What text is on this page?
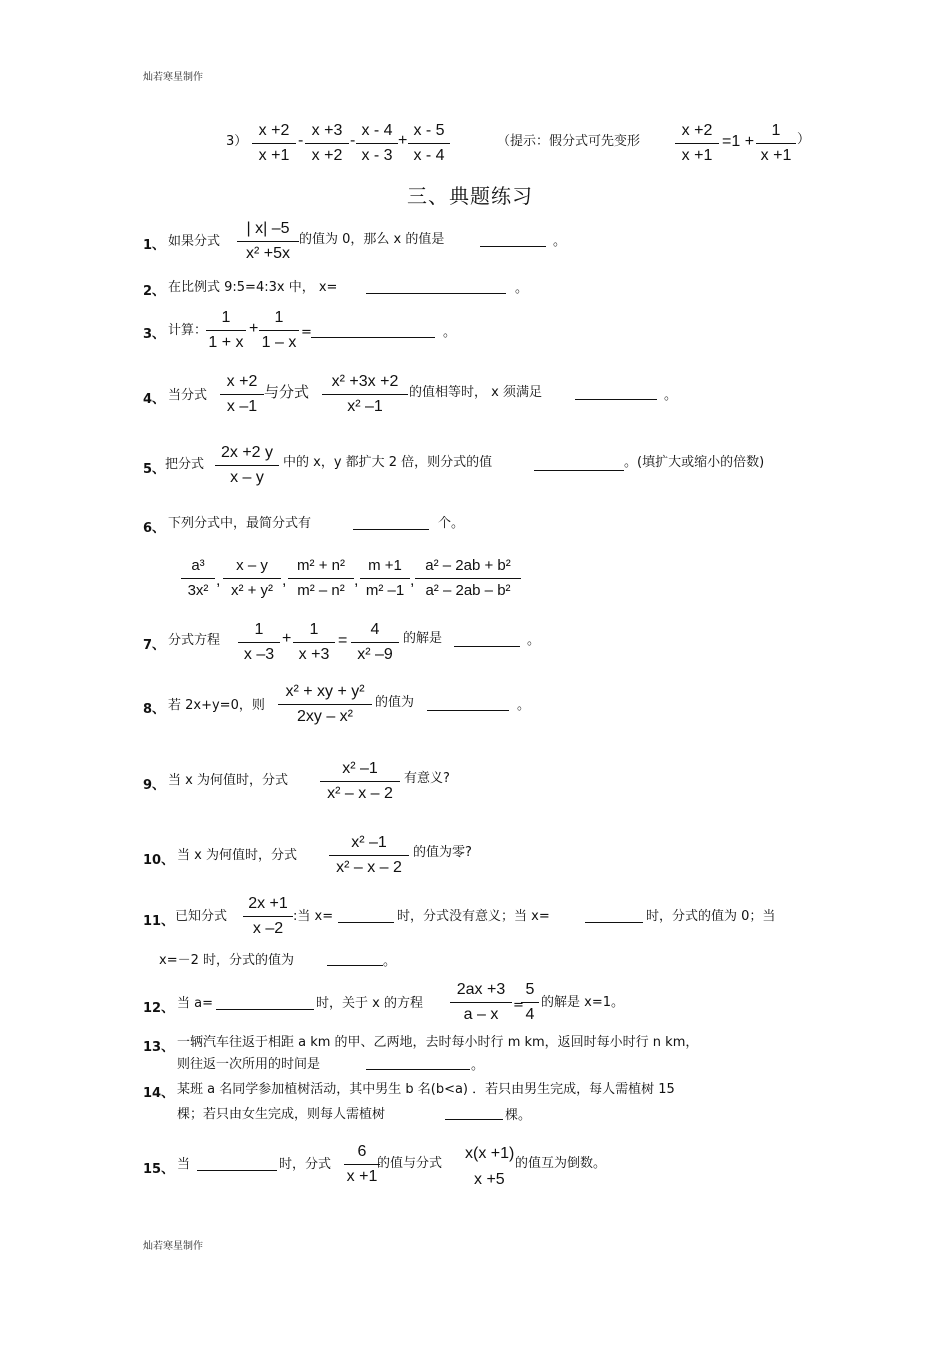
灿若寒星制作
灿若寒星制作
$3) \frac{x +2}{x +1} - \frac{x +3}{x +2} - \frac{x - 4}{x - 3} + \frac{x - 5}{x - 4}$	（提示：假分式可先变形 $\frac{x +2}{x +1} =1 + \frac{1}{x +1}$ ）
三、典题练习
1、 如果分式 $\frac{| x| -5}{\text{x² +5x}}$ 的值为 0，那么 x 的值是	。
2、 在比例式 9:5=4:3x 中， x=	。
3、 计算：
$\frac{1}{1 + x} + \frac{1}{1 - x}$ =	。
4、 当分式 $\frac{x +2}{x -1}$ 与分式 $\frac{\text{x² +3x +2}}{\text{x² –1}}$ 的值相等时， x 须满足	。
5、 把分式 $\frac{2x +2 y}{x - y}$ 中的 x，y 都扩大 2 倍，则分式的值	。(填扩大或缩小的倍数)
6、 下列分式中，最简分式有	个。
$\frac{\text{a³}}{\text{3x²}}$ , $\frac{x - y}{\text{x² + y²}}$ , $\frac{\text{m² + n²}}{\text{m² – n²}}$ , $\frac{m +1}{\text{m² –1}}$ , $\frac{\text{a² – 2ab + b²}}{\text{a² – 2ab – b²}}$
7、 分式方程 $\frac{1}{x -3} + \frac{1}{x +3} = \frac{4}{\text{x² –9}}$ 的解是	。
8、 若 2x+y=0，则 $\frac{\text{x² + xy + y²}}{\text{2xy – x²}}$ 的值为	。
9、 当 x 为何值时，分式 $\frac{\text{x² –1}}{\text{x² – x – 2}}$ 有意义?
10、 当 x 为何值时，分式 $\frac{\text{x² –1}}{\text{x² – x – 2}}$ 的值为零?
11、 已知分式 $\frac{2x +1}{x -2}$ :当 x=	时，分式没有意义；当 x=	时，分式的值为 0；当
x=－2 时，分式的值为	。
12、 当 a=	时，关于 x 的方程 $\frac{2ax +3}{a - x}$ =
$\frac{5}{4}$ 的解是 x=1。
13、 一辆汽车往返于相距 a km 的甲、乙两地，去时每小时行 m km，返回时每小时行 n km，
则往返一次所用的时间是	。
14、 某班 a 名同学参加植树活动，其中男生 b 名(b<a) ．若只由男生完成，每人需植树 15
棵；若只由女生完成，则每人需植树	棵。
15、 当	时，分式 $\frac{6}{x +1}$
的值与分式
x(x +1)
x +5
的值互为倒数。
